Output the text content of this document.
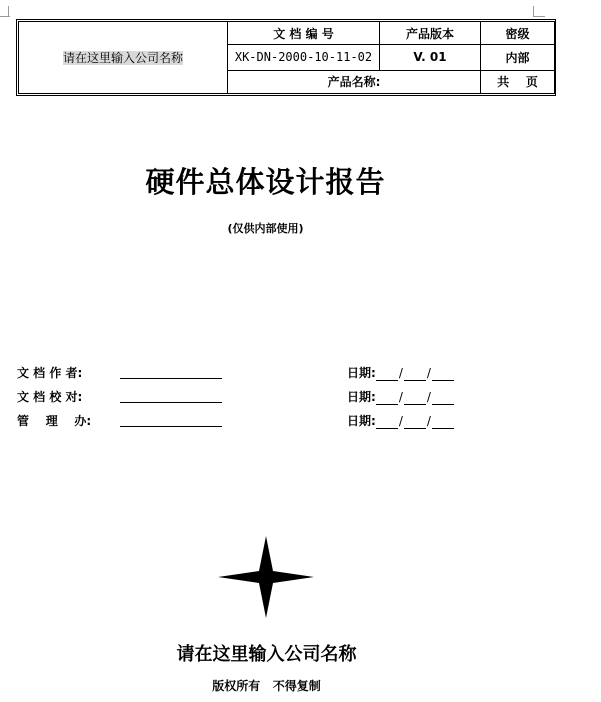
请在这里输入公司名称	文 档 编 号	产品版本	密级
	XK-DN-2000-10-11-02	V. 01	内部
	产品名称:		共    页
硬件总体设计报告
(仅供内部使用)
文 档 作 者:	日期: / /
文 档 校 对:	日期: / /
管    理    办:	日期: / /
请在这里输入公司名称
版权所有   不得复制
